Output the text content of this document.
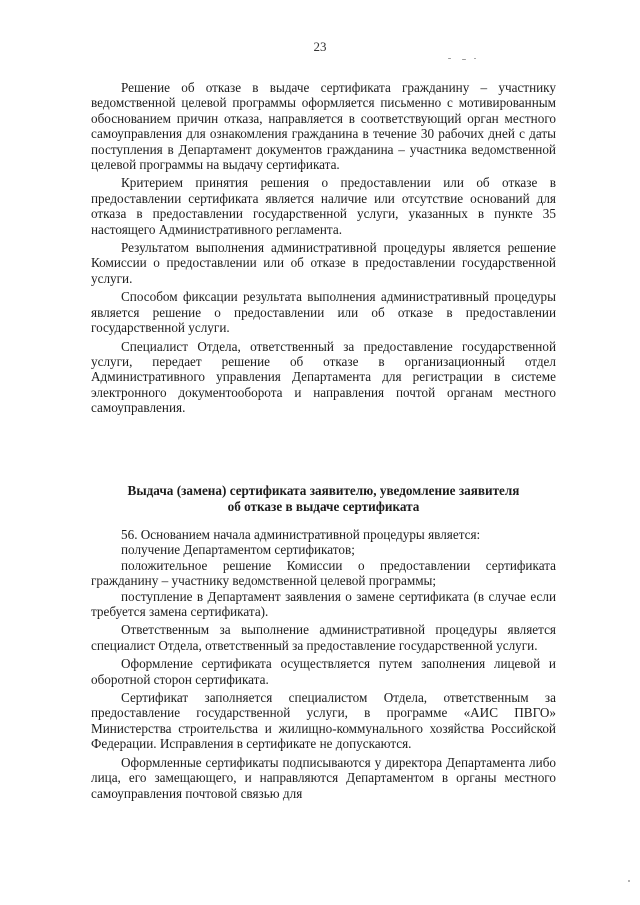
23

Решение об отказе в выдаче сертификата гражданину – участнику ведомственной целевой программы оформляется письменно с мотивированным обоснованием причин отказа, направляется в соответствующий орган местного самоуправления для ознакомления гражданина в течение 30 рабочих дней с даты поступления в Департамент документов гражданина – участника ведомственной целевой программы на выдачу сертификата.

Критерием принятия решения о предоставлении или об отказе в предоставлении сертификата является наличие или отсутствие оснований для отказа в предоставлении государственной услуги, указанных в пункте 35 настоящего Административного регламента.

Результатом выполнения административной процедуры является решение Комиссии о предоставлении или об отказе в предоставлении государственной услуги.

Способом фиксации результата выполнения административный процедуры является решение о предоставлении или об отказе в предоставлении государственной услуги.

Специалист Отдела, ответственный за предоставление государственной услуги, передает решение об отказе в организационный отдел Административного управления Департамента для регистрации в системе электронного документооборота и направления почтой органам местного самоуправления.

Выдача (замена) сертификата заявителю, уведомление заявителя
об отказе в выдаче сертификата

56. Основанием начала административной процедуры является:

получение Департаментом сертификатов;

положительное решение Комиссии о предоставлении сертификата гражданину – участнику ведомственной целевой программы;

поступление в Департамент заявления о замене сертификата (в случае если требуется замена сертификата).

Ответственным за выполнение административной процедуры является специалист Отдела, ответственный за предоставление государственной услуги.

Оформление сертификата осуществляется путем заполнения лицевой и оборотной сторон сертификата.

Сертификат заполняется специалистом Отдела, ответственным за предоставление государственной услуги, в программе «АИС ПВГО» Министерства строительства и жилищно-коммунального хозяйства Российской Федерации. Исправления в сертификате не допускаются.

Оформленные сертификаты подписываются у директора Департамента либо лица, его замещающего, и направляются Департаментом в органы местного самоуправления почтовой связью для
